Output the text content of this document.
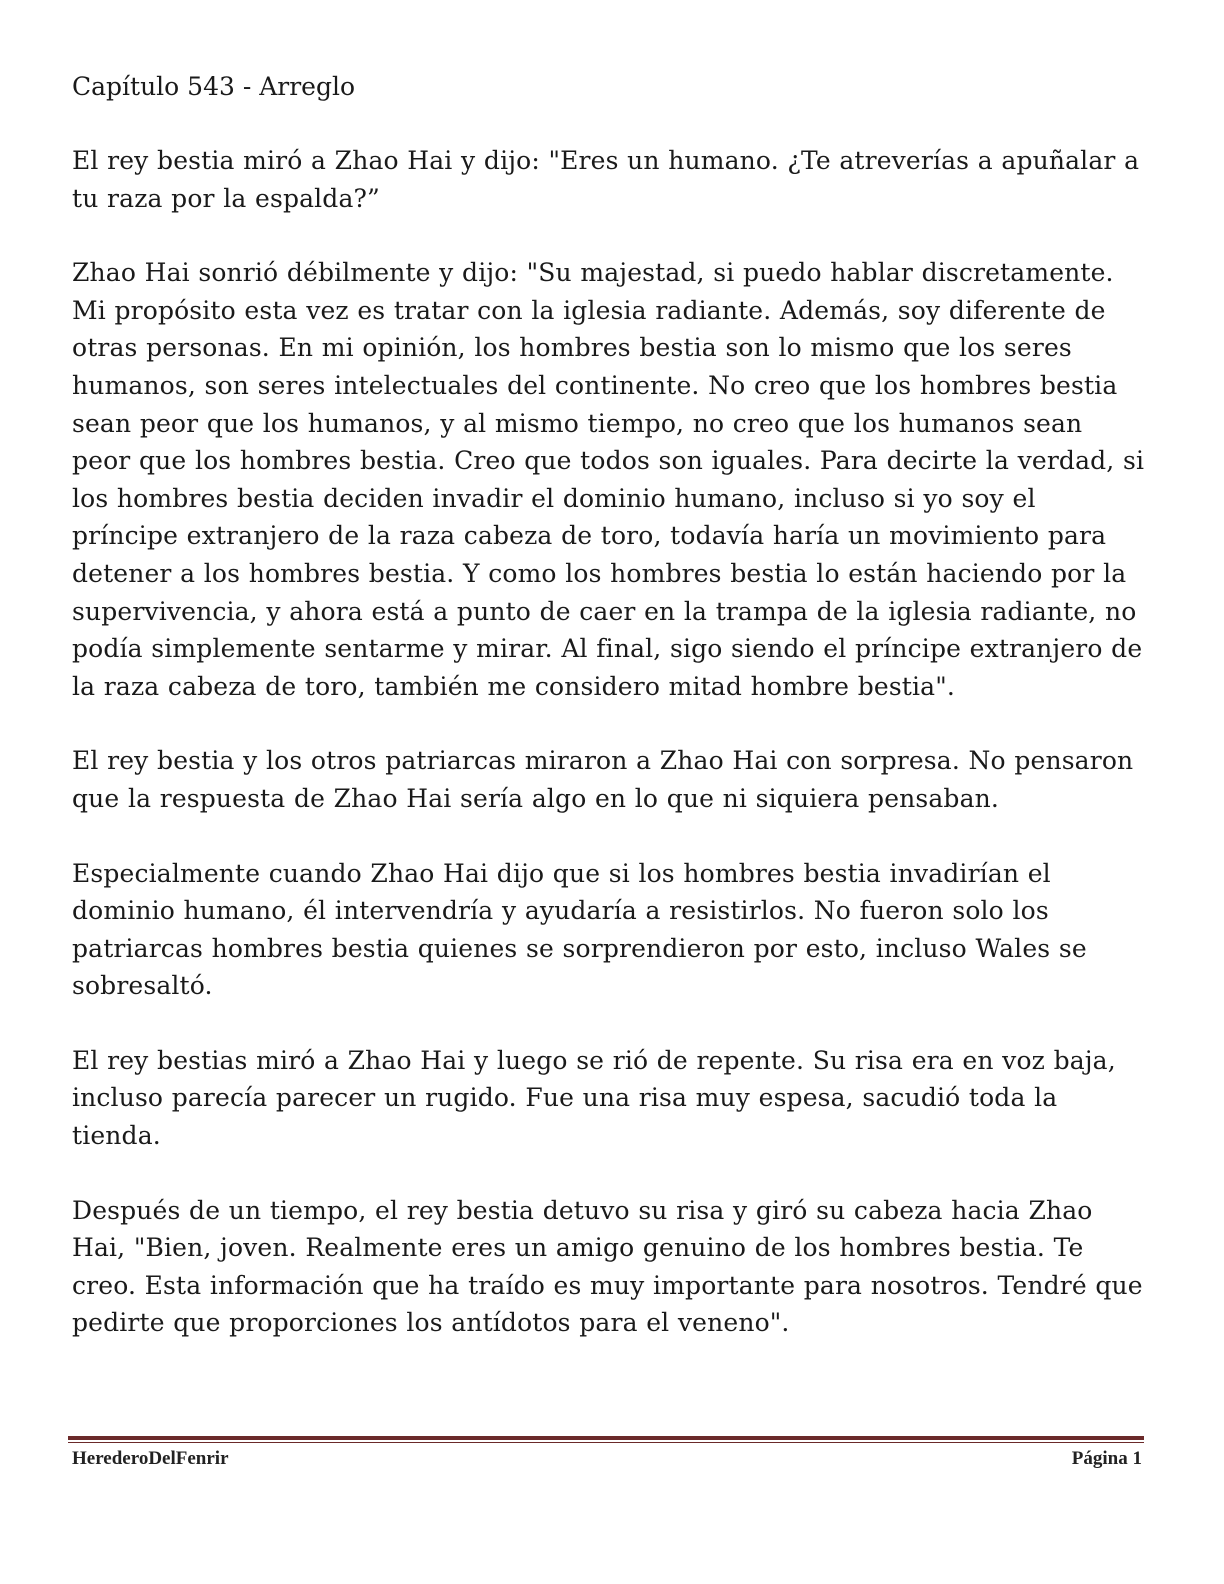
Capítulo 543 - Arreglo

El rey bestia miró a Zhao Hai y dijo: "Eres un humano. ¿Te atreverías a apuñalar a tu raza por la espalda?”

Zhao Hai sonrió débilmente y dijo: "Su majestad, si puedo hablar discretamente. Mi propósito esta vez es tratar con la iglesia radiante. Además, soy diferente de otras personas. En mi opinión, los hombres bestia son lo mismo que los seres humanos, son seres intelectuales del continente. No creo que los hombres bestia sean peor que los humanos, y al mismo tiempo, no creo que los humanos sean peor que los hombres bestia. Creo que todos son iguales. Para decirte la verdad, si los hombres bestia deciden invadir el dominio humano, incluso si yo soy el príncipe extranjero de la raza cabeza de toro, todavía haría un movimiento para detener a los hombres bestia. Y como los hombres bestia lo están haciendo por la supervivencia, y ahora está a punto de caer en la trampa de la iglesia radiante, no podía simplemente sentarme y mirar. Al final, sigo siendo el príncipe extranjero de la raza cabeza de toro, también me considero mitad hombre bestia".

El rey bestia y los otros patriarcas miraron a Zhao Hai con sorpresa. No pensaron que la respuesta de Zhao Hai sería algo en lo que ni siquiera pensaban.

Especialmente cuando Zhao Hai dijo que si los hombres bestia invadirían el dominio humano, él intervendría y ayudaría a resistirlos. No fueron solo los patriarcas hombres bestia quienes se sorprendieron por esto, incluso Wales se sobresaltó.

El rey bestias miró a Zhao Hai y luego se rió de repente. Su risa era en voz baja, incluso parecía parecer un rugido. Fue una risa muy espesa, sacudió toda la tienda.

Después de un tiempo, el rey bestia detuvo su risa y giró su cabeza hacia Zhao Hai, "Bien, joven. Realmente eres un amigo genuino de los hombres bestia. Te creo. Esta información que ha traído es muy importante para nosotros. Tendré que pedirte que proporciones los antídotos para el veneno".

HerederoDelFenrir	Página 1
